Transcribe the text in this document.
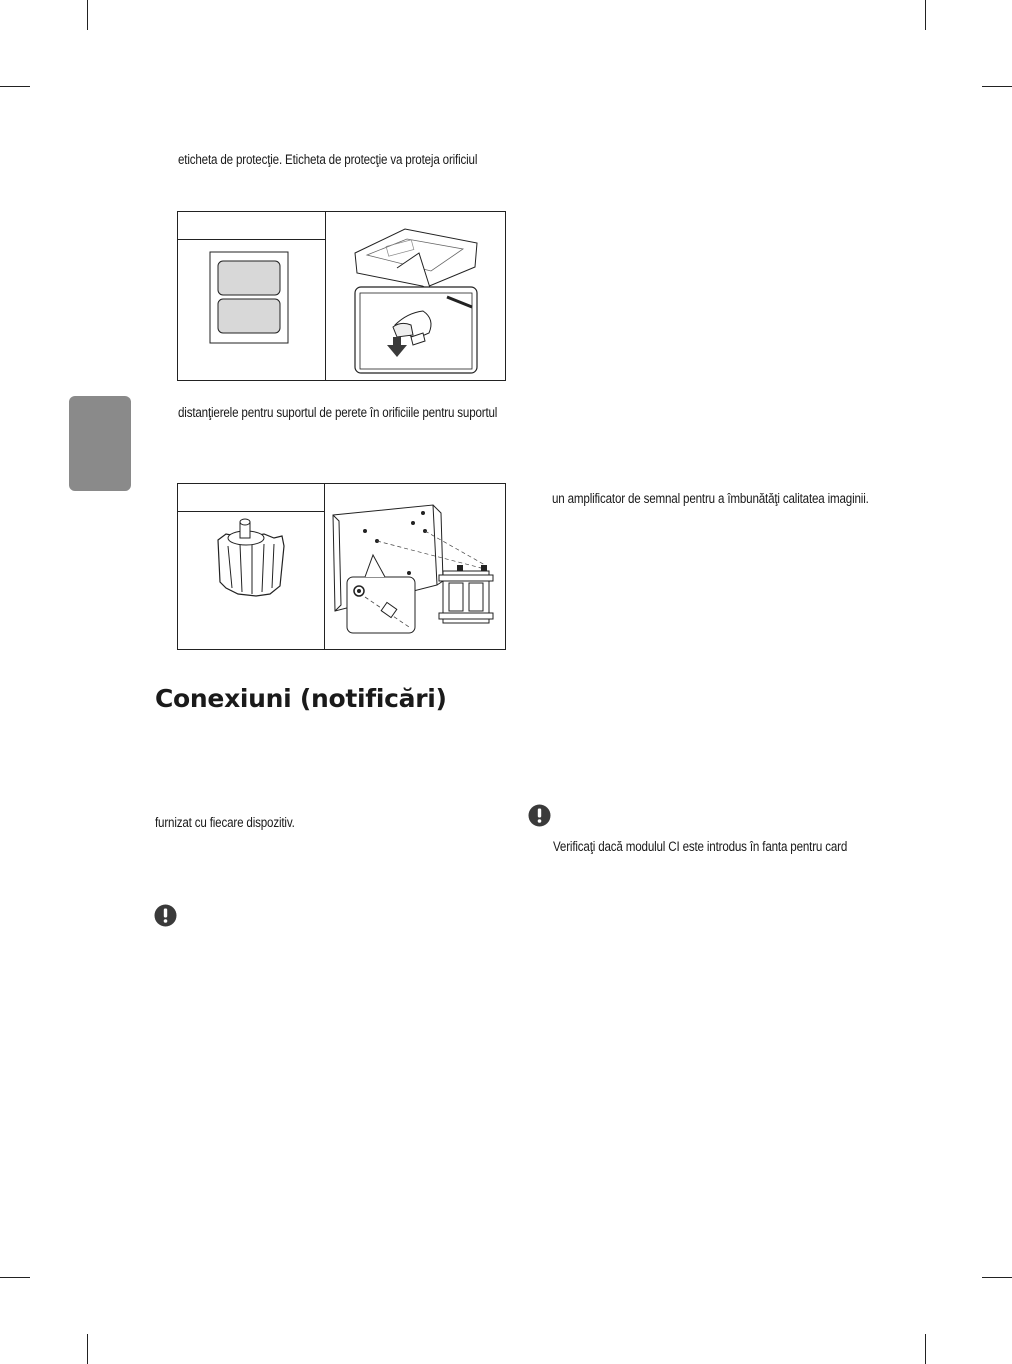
eticheta de protecţie. Eticheta de protecţie va proteja orificiul
distanţierele pentru suportul de perete în orificiile pentru suportul
un amplificator de semnal pentru a îmbunătăţi calitatea imaginii.
Conexiuni (notificări)
furnizat cu fiecare dispozitiv.
Verificaţi dacă modulul CI este introdus în fanta pentru card
